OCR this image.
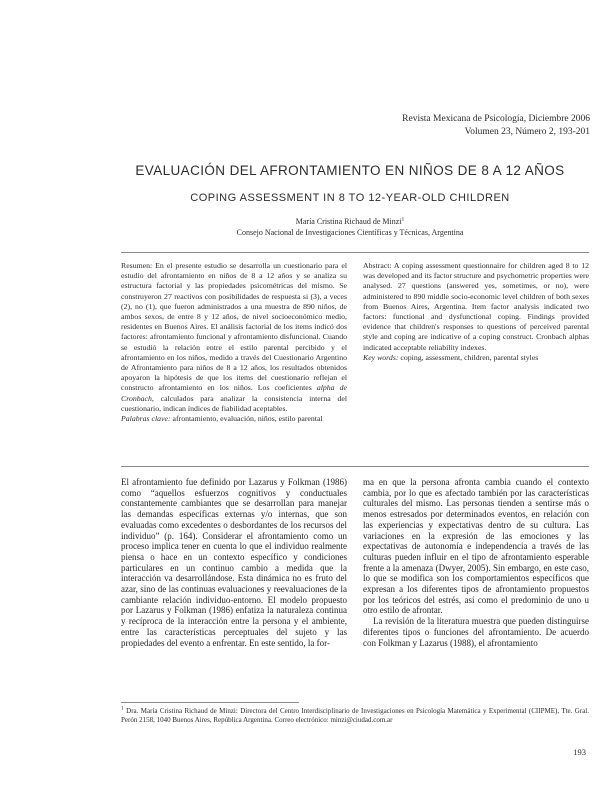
Revista Mexicana de Psicología, Diciembre 2006
Volumen 23, Número 2, 193-201
EVALUACIÓN DEL AFRONTAMIENTO EN NIÑOS DE 8 A 12 AÑOS
COPING ASSESSMENT IN 8 TO 12-YEAR-OLD CHILDREN
María Cristina Richaud de Minzi$^1$
Consejo Nacional de Investigaciones Científicas y Técnicas, Argentina

Resumen: En el presente estudio se desarrolla un cuestionario para el estudio del afrontamiento en niños de 8 a 12 años y se analiza su estructura factorial y las propiedades psicométricas del mismo. Se construyeron 27 reactivos con posibilidades de respuesta si (3), a veces (2), no (1), que fueron administrados a una muestra de 890 niños, de ambos sexos, de entre 8 y 12 años, de nivel socioeconómico medio, residentes en Buenos Aires. El análisis factorial de los items indicó dos factores: afrontamiento funcional y afrontamiento disfuncional. Cuando se estudió la relación entre el estilo parental percibido y el afrontamiento en los niños, medido a través del Cuestionario Argentino de Afrontamiento para niños de 8 a 12 años, los resultados obtenidos apoyaron la hipótesis de que los items del cuestionario reflejan el constructo afrontamiento en los niños. Los coeficientes alpha de Cronbach, calculados para analizar la consistencia interna del cuestionario, indican índices de fiabilidad aceptables.

Palabras clave: afrontamiento, evaluación, niños, estilo parental

Abstract: A coping assessment questionnaire for children aged 8 to 12 was developed and its factor structure and psychometric properties were analysed. 27 questions (answered yes, sometimes, or no), were administered to 890 middle socio-economic level children of both sexes from Buenos Aires, Argentina. Item factor analysis indicated two factors: functional and dysfunctional coping. Findings provided evidence that children's responses to questions of perceived parental style and coping are indicative of a coping construct. Cronbach alphas indicated acceptable reliability indexes.

Key words: coping, assessment, children, parental styles

El afrontamiento fue definido por Lazarus y Folkman (1986) como “aquellos esfuerzos cognitivos y conductuales constantemente cambiantes que se desarrollan para manejar las demandas específicas externas y/o internas, que son evaluadas como excedentes o desbordantes de los recursos del individuo” (p. 164). Considerar el afrontamiento como un proceso implica tener en cuenta lo que el individuo realmente piensa o hace en un contexto específico y condiciones particulares en un continuo cambio a medida que la interacción va desarrollándose. Esta dinámica no es fruto del azar, sino de las continuas evaluaciones y reevaluaciones de la cambiante relación individuo-entorno. El modelo propuesto por Lazarus y Folkman (1986) enfatiza la naturaleza continua y recíproca de la interacción entre la persona y el ambiente, entre las características perceptuales del sujeto y las propiedades del evento a enfrentar. En este sentido, la for-

ma en que la persona afronta cambia cuando el contexto cambia, por lo que es afectado también por las características culturales del mismo. Las personas tienden a sentirse más o menos estresados por determinados eventos, en relación con las experiencias y expectativas dentro de su cultura. Las variaciones en la expresión de las emociones y las expectativas de autonomía e independencia a través de las culturas pueden influir en el tipo de afrontamiento esperable frente a la amenaza (Dwyer, 2005). Sin embargo, en este caso, lo que se modifica son los comportamientos específicos que expresan a los diferentes tipos de afrontamiento propuestos por los teóricos del estrés, así como el predominio de uno u otro estilo de afrontar.

La revisión de la literatura muestra que pueden distinguirse diferentes tipos o funciones del afrontamiento. De acuerdo con Folkman y Lazarus (1988), el afrontamiento

$^1$ Dra. María Cristina Richaud de Minzi: Directora del Centro Interdisciplinario de Investigaciones en Psicología Matemática y Experimental (CIIPME), Tte. Gral. Perón 2158, 1040 Buenos Aires, República Argentina. Correo electrónico: minzi@ciudad.com.ar
193
